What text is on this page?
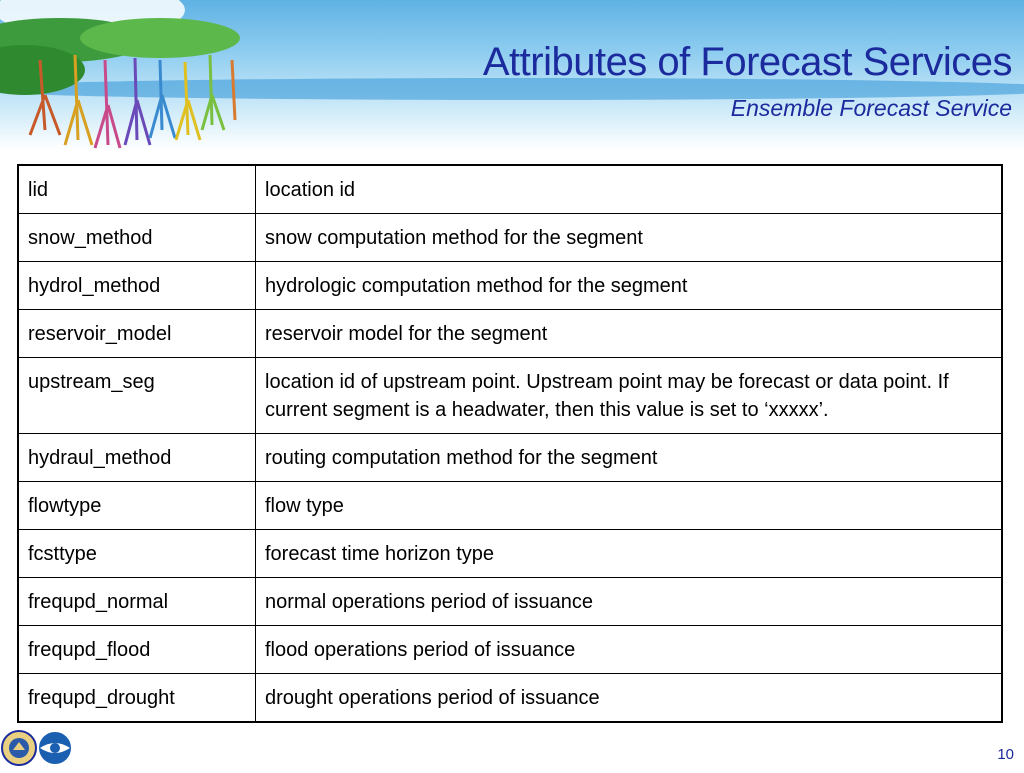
Attributes of Forecast Services
Ensemble Forecast Service
lid	location id
snow_method	snow computation method for the segment
hydrol_method	hydrologic computation method for the segment
reservoir_model	reservoir model for the segment
upstream_seg	location id of upstream point. Upstream point may be forecast or data point. If current segment is a headwater, then this value is set to ‘xxxxx’.
hydraul_method	routing computation method for the segment
flowtype	flow type
fcsttype	forecast time horizon type
frequpd_normal	normal operations period of issuance
frequpd_flood	flood operations period of issuance
frequpd_drought	drought operations period of issuance
10
